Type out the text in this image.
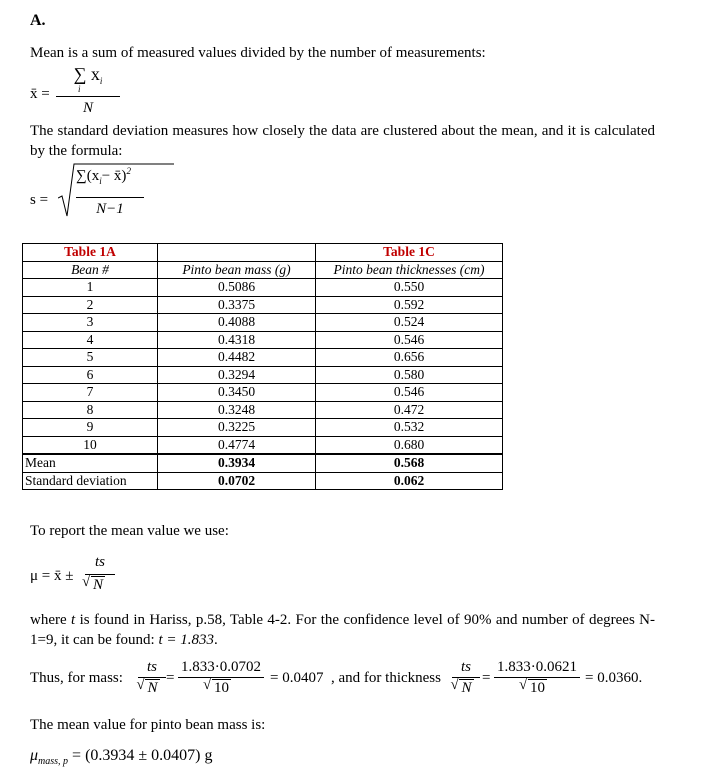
A.
Mean is a sum of measured values divided by the number of measurements:
x̄ =
∑ $x_i$
i
N
The standard deviation measures how closely the data are clustered about the mean, and it is calculated by the formula:
s =
$\sum(x_i-$ x̄)$^2$
N−1
Table 1A		Table 1C
Bean #	Pinto bean mass (g)	Pinto bean thicknesses (cm)
1	0.5086	0.550
2	0.3375	0.592
3	0.4088	0.524
4	0.4318	0.546
5	0.4482	0.656
6	0.3294	0.580
7	0.3450	0.546
8	0.3248	0.472
9	0.3225	0.532
10	0.4774	0.680
Mean	0.3934	0.568
Standard deviation	0.0702	0.062
To report the mean value we use:
μ = x̄ ±
ts
√ N
where t is found in Hariss, p.58, Table 4-2. For the confidence level of 90% and number of degrees N-1=9, it can be found: t = 1.833.
Thus, for mass: ts
√ N = 1.833·0.0702
√ 10 = 0.0407 , and for thickness ts
√ N = 1.833·0.0621
√ 10 = 0.0360.
The mean value for pinto bean mass is:
$\mu_{mass, p} = (0.3934 \pm 0.0407)$ g
